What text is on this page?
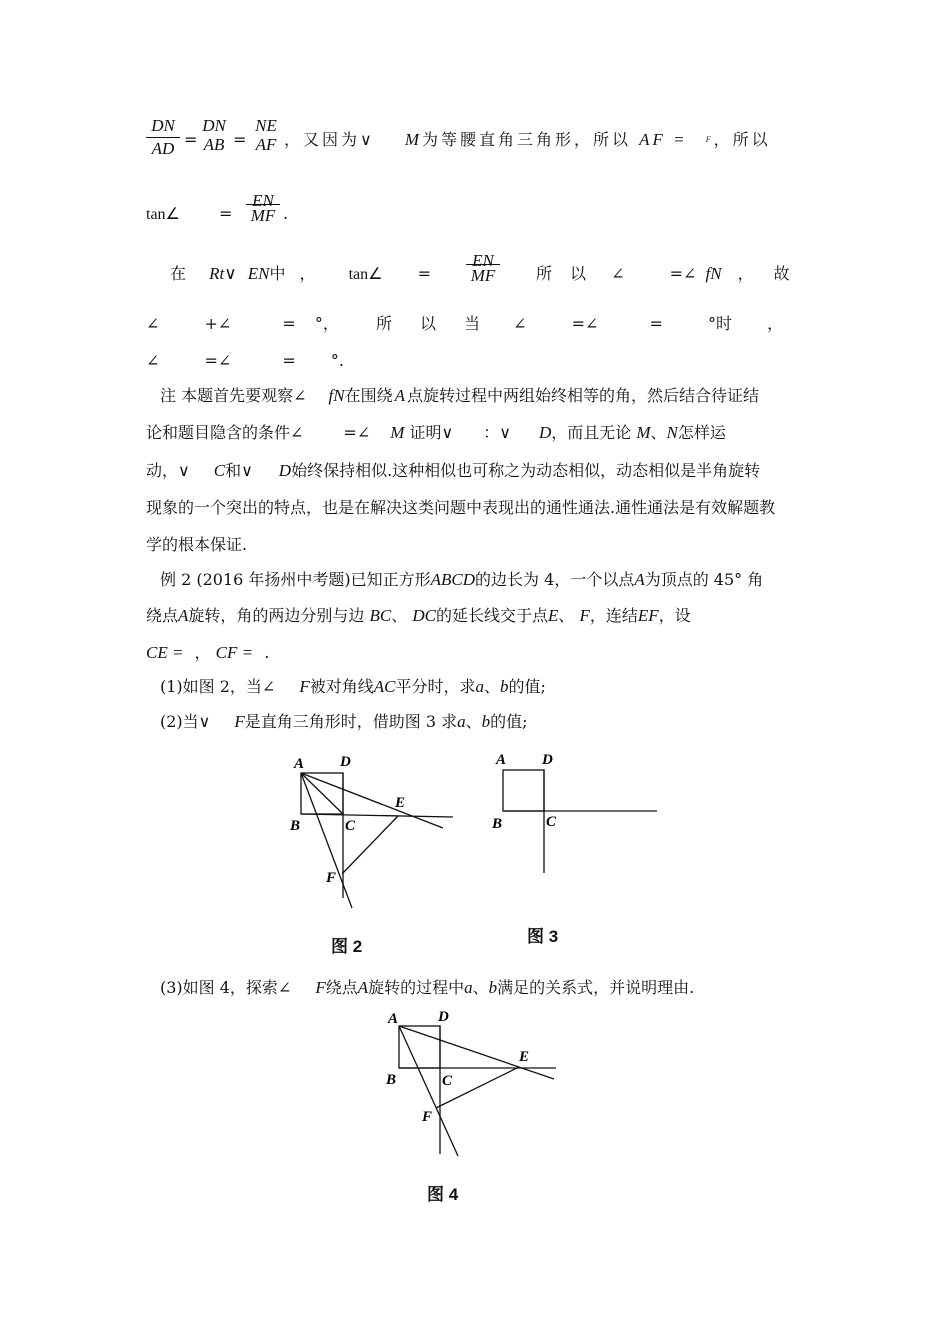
DN
AD =
DN
AB =
NE
AF ，又因为∨ M为等腰直角三角形，所以 AF = $^F$，所以
tan∠ =
EN
MF .
在 Rt∨ EN中， tan∠ =
EN
MF	所以 ∠	=∠ fN ，故
∠	+∠	= °， 所以当 ∠	=∠	=	°时 ，
∠	=∠	= °.
注 本题首先要观察∠ fN在围绕 A 点旋转过程中两组始终相等的角，然后结合待证结
论和题目隐含的条件∠	=∠ M 证明∨ ：∨ D，而且无论 M、N怎样运
动，∨ C和∨ D始终保持相似.这种相似也可称之为动态相似，动态相似是半角旋转
现象的一个突出的特点，也是在解决这类问题中表现出的通性通法.通性通法是有效解题教
学的根本保证.
例 2 (2016 年扬州中考题)已知正方形ABCD的边长为 4，一个以点A为顶点的 45° 角
绕点A旋转，角的两边分别与边 BC、 DC的延长线交于点E、 F，连结EF，设
CE = ， CF = .
(1)如图 2，当∠ F被对角线AC平分时，求a、b的值;
(2)当∨ F是直角三角形时，借助图 3 求a、b的值;
A D
B	C
E
F
图 2
A D
B	C
图 3
(3)如图 4，探索∠ F绕点A旋转的过程中a、b满足的关系式，并说明理由.
A	D
B	C
E
F
图 4
